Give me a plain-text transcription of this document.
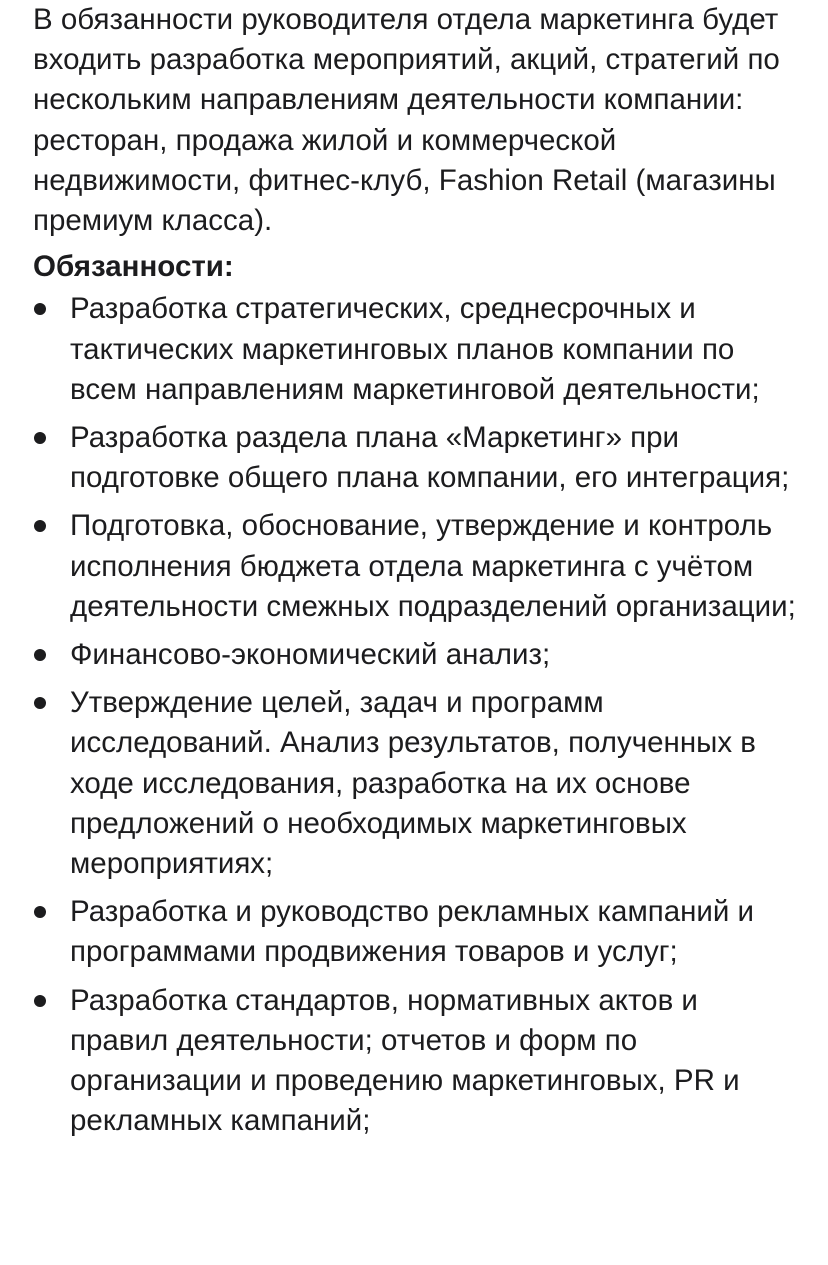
В обязанности руководителя отдела маркетинга будет входить разработка мероприятий, акций, стратегий по нескольким направлениям деятельности компании: ресторан, продажа жилой и коммерческой недвижимости, фитнес-клуб, Fashion Retail (магазины премиум класса).

Обязанности:
Разработка стратегических, среднесрочных и тактических маркетинговых планов компании по всем направлениям маркетинговой деятельности;
Разработка раздела плана «Маркетинг» при подготовке общего плана компании, его интеграция;
Подготовка, обоснование, утверждение и контроль исполнения бюджета отдела маркетинга с учётом деятельности смежных подразделений организации;
Финансово-экономический анализ;
Утверждение целей, задач и программ исследований. Анализ результатов, полученных в ходе исследования, разработка на их основе предложений о необходимых маркетинговых мероприятиях;
Разработка и руководство рекламных кампаний и программами продвижения товаров и услуг;
Разработка стандартов, нормативных актов и правил деятельности; отчетов и форм по организации и проведению маркетинговых, PR и рекламных кампаний;
